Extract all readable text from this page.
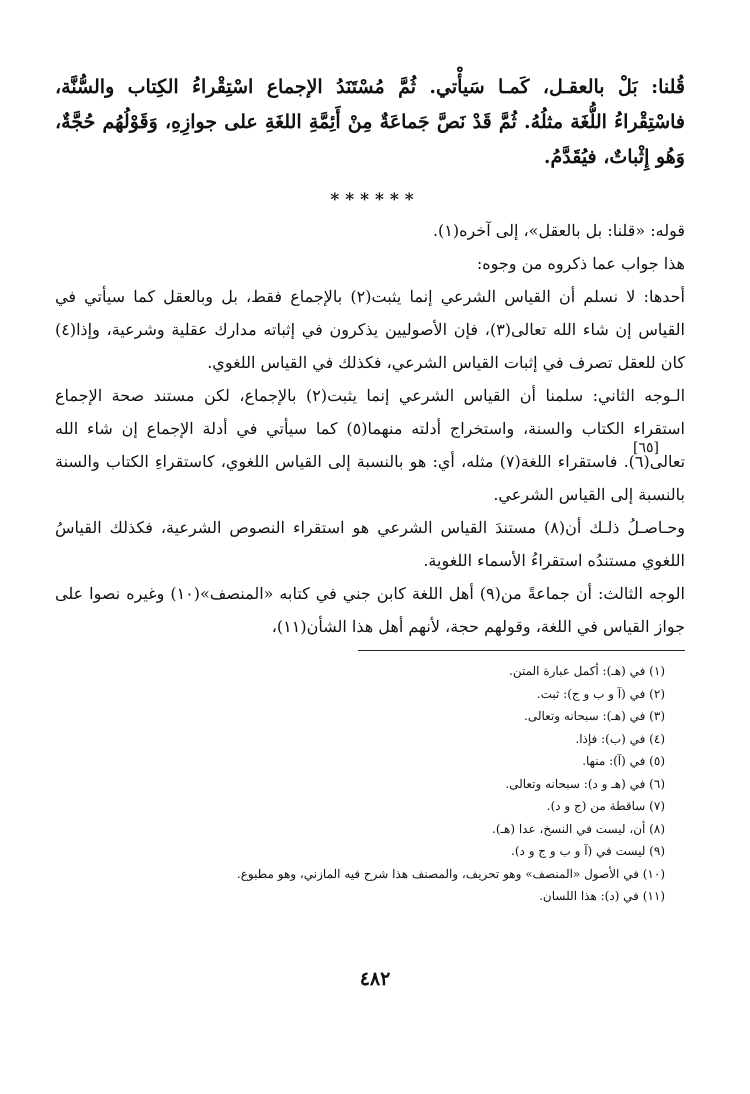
قُلنا: بَلْ بالعقـل، كَمـا سَيأْتي. ثُمَّ مُسْتَنَدُ الإجماع اسْتِقْراءُ الكِتاب والسُّنَّة، فاسْتِقْراءُ اللُّغَة مثلُهُ. ثُمَّ قَدْ نَصَّ جَماعَةٌ مِنْ أَئِمَّةِ اللغَةِ على جوازِهِ، وَقَوْلُهُم حُجَّةٌ، وَهُو إِثْباتٌ، فيُقَدَّمُ.
******

قوله: «قلنا: بل بالعقل»، إلى آخره(١).

هذا جواب عما ذكروه من وجوه:

أحدها: لا نسلم أن القياس الشرعي إنما يثبت(٢) بالإجماع فقط، بل وبالعقل كما سيأتي في القياس إن شاء الله تعالى(٣)، فإن الأصوليين يذكرون في إثباته مدارك عقلية وشرعية، وإذا(٤) كان للعقل تصرف في إثبات القياس الشرعي، فكذلك في القياس اللغوي.

الـوجه الثاني: سلمنا أن القياس الشرعي إنما يثبت(٢) بالإجماع، لكن مستند صحة الإجماع استقراء الكتاب والسنة، واستخراج أدلته منهما(٥) كما سيأتي في أدلة الإجماع إن شاء الله تعالى(٦). فاستقراء اللغة(٧) مثله، أي: هو بالنسبة إلى القياس اللغوي، كاستقراءِ الكتاب والسنة بالنسبة إلى القياس الشرعي.

وحـاصـلُ ذلـك أن(٨) مستندَ القياس الشرعي هو استقراء النصوص الشرعية، فكذلك القياسُ اللغوي مستندُه استقراءُ الأسماء اللغوية.

الوجه الثالث: أن جماعةً من(٩) أهل اللغة كابن جني في كتابه «المنصف»(١٠) وغيره نصوا على جواز القياس في اللغة، وقولهم حجة، لأنهم أهل هذا الشأن(١١)،

[٦٥]
(١) في (هـ): أكمل عبارة المتن.
(٢) في (آ و ب و ج): ثبت.
(٣) في (هـ): سبحانه وتعالى.
(٤) في (ب): فإذا.
(٥) في (آ): منها.
(٦) في (هـ و د): سبحانه وتعالى.
(٧) ساقطة من (ج و د).
(٨) أن، ليست في النسخ، عدا (هـ).
(٩) ليست في (آ و ب و ج و د).
(١٠) في الأصول «المنصف» وهو تحريف، والمصنف هذا شرح فيه المازني، وهو مطبوع.
(١١) في (د): هذا اللسان.
٤٨٢
